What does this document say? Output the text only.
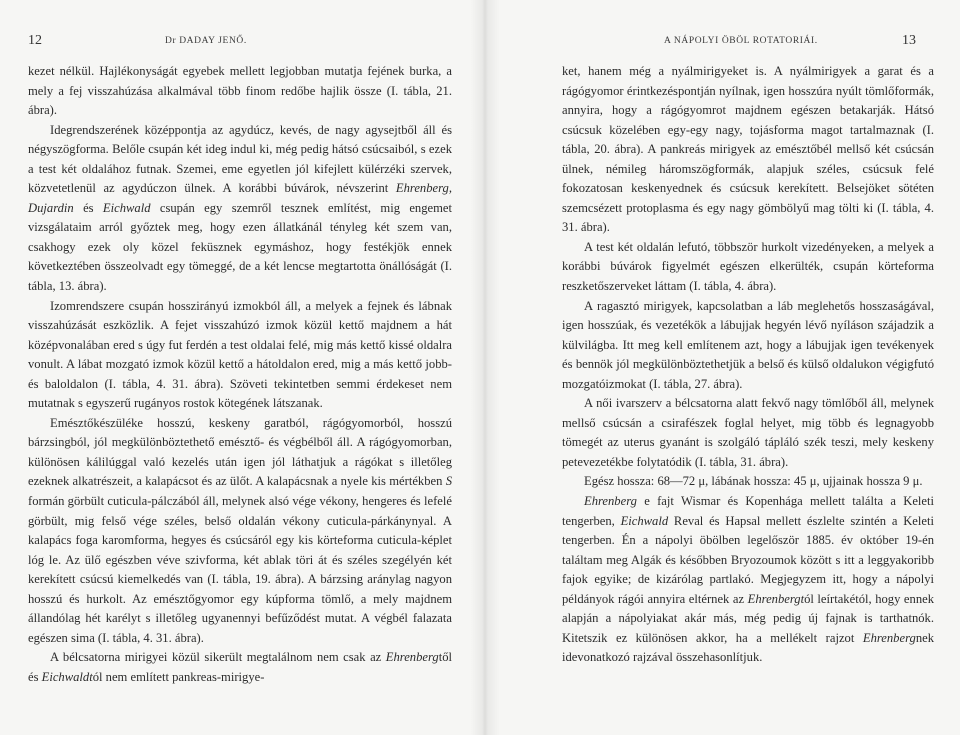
12	Dr DADAY JENŐ.

kezet nélkül. Hajlékonyságát egyebek mellett legjobban mutatja fejének burka, a mely a fej visszahúzása alkalmával több finom redőbe hajlik össze (I. tábla, 21. ábra).

Idegrendszerének középpontja az agydúcz, kevés, de nagy agysejtből áll és négyszögforma. Belőle csupán két ideg indul ki, még pedig hátsó csúcsaiból, s ezek a test két oldalához futnak. Szemei, eme egyetlen jól kifejlett külérzéki szervek, közvetetlenül az agydúczon ülnek. A korábbi búvárok, névszerint Ehrenberg, Dujardin és Eichwald csupán egy szemről tesznek említést, mig engemet vizsgálataim arról győztek meg, hogy ezen állatkánál tényleg két szem van, csakhogy ezek oly közel feküsznek egymáshoz, hogy festékjök ennek következtében összeolvadt egy tömeggé, de a két lencse megtartotta önállóságát (I. tábla, 13. ábra).

Izomrendszere csupán hosszirányú izmokból áll, a melyek a fejnek és lábnak visszahúzását eszközlik. A fejet visszahúzó izmok közül kettő majdnem a hát középvonalában ered s úgy fut ferdén a test oldalai felé, mig más kettő kissé oldalra vonult. A lábat mozgató izmok közül kettő a hátoldalon ered, mig a más kettő jobb- és baloldalon (I. tábla, 4. 31. ábra). Szöveti tekintetben semmi érdekeset nem mutatnak s egyszerű rugányos rostok kötegének látszanak.

Emésztőkészüléke hosszú, keskeny garatból, rágógyomorból, hosszú bárzsingból, jól megkülönböztethető emésztő- és végbélből áll. A rágógyomorban, különösen kálilúggal való kezelés után igen jól láthatjuk a rágókat s illetőleg ezeknek alkatrészeit, a kalapácsot és az ülőt. A kalapácsnak a nyele kis mértékben S formán görbült cuticula-pálczából áll, melynek alsó vége vékony, hengeres és lefelé görbült, mig felső vége széles, belső oldalán vékony cuticula-párkánynyal. A kalapács foga karomforma, hegyes és csúcsáról egy kis körteforma cuticula-képlet lóg le. Az ülő egészben véve szivforma, két ablak töri át és széles szegélyén két kerekített csúcsú kiemelkedés van (I. tábla, 19. ábra). A bárzsing aránylag nagyon hosszú és hurkolt. Az emésztőgyomor egy kúpforma tömlő, a mely majdnem állandólag hét karélyt s illetőleg ugyanennyi befűződést mutat. A végbél falazata egészen sima (I. tábla, 4. 31. ábra).

A bélcsatorna mirigyei közül sikerült megtalálnom nem csak az Ehrenbergtől és Eichwaldtól nem említett pankreas-mirigye-

A NÁPOLYI ÖBÖL ROTATORIÁI.	13

ket, hanem még a nyálmirigyeket is. A nyálmirigyek a garat és a rágógyomor érintkezéspontján nyílnak, igen hosszúra nyúlt tömlőformák, annyira, hogy a rágógyomrot majdnem egészen betakarják. Hátsó csúcsuk közelében egy-egy nagy, tojásforma magot tartalmaznak (I. tábla, 20. ábra). A pankreás mirigyek az emésztőbél mellső két csúcsán ülnek, némileg háromszögformák, alapjuk széles, csúcsuk felé fokozatosan keskenyednek és csúcsuk kerekített. Belsejöket sötéten szemcsézett protoplasma és egy nagy gömbölyű mag tölti ki (I. tábla, 4. 31. ábra).

A test két oldalán lefutó, többször hurkolt vizedényeken, a melyek a korábbi búvárok figyelmét egészen elkerülték, csupán körteforma reszketőszerveket láttam (I. tábla, 4. ábra).

A ragasztó mirigyek, kapcsolatban a láb meglehetős hosszaságával, igen hosszúak, és vezetékök a lábujjak hegyén lévő nyíláson szájadzik a külvilágba. Itt meg kell említenem azt, hogy a lábujjak igen tevékenyek és bennök jól megkülönböztethetjük a belső és külső oldalukon végigfutó mozgatóizmokat (I. tábla, 27. ábra).

A női ivarszerv a bélcsatorna alatt fekvő nagy tömlőből áll, melynek mellső csúcsán a csirafészek foglal helyet, mig több és legnagyobb tömegét az uterus gyanánt is szolgáló tápláló szék teszi, mely keskeny petevezetékbe folytatódik (I. tábla, 31. ábra).

Egész hossza: 68—72 μ, lábának hossza: 45 μ, ujjainak hossza 9 μ.

Ehrenberg e fajt Wismar és Kopenhága mellett találta a Keleti tengerben, Eichwald Reval és Hapsal mellett észlelte szintén a Keleti tengerben. Én a nápolyi öbölben legelőször 1885. év október 19-én találtam meg Algák és későbben Bryozoumok között s itt a leggyakoribb fajok egyike; de kizárólag partlakó. Megjegyzem itt, hogy a nápolyi példányok rágói annyira eltérnek az Ehrenbergtól leírtakétól, hogy ennek alapján a nápolyiakat akár más, még pedig új fajnak is tarthatnók. Kitetszik ez különösen akkor, ha a mellékelt rajzot Ehrenbergnek idevonatkozó rajzával összehasonlítjuk.
